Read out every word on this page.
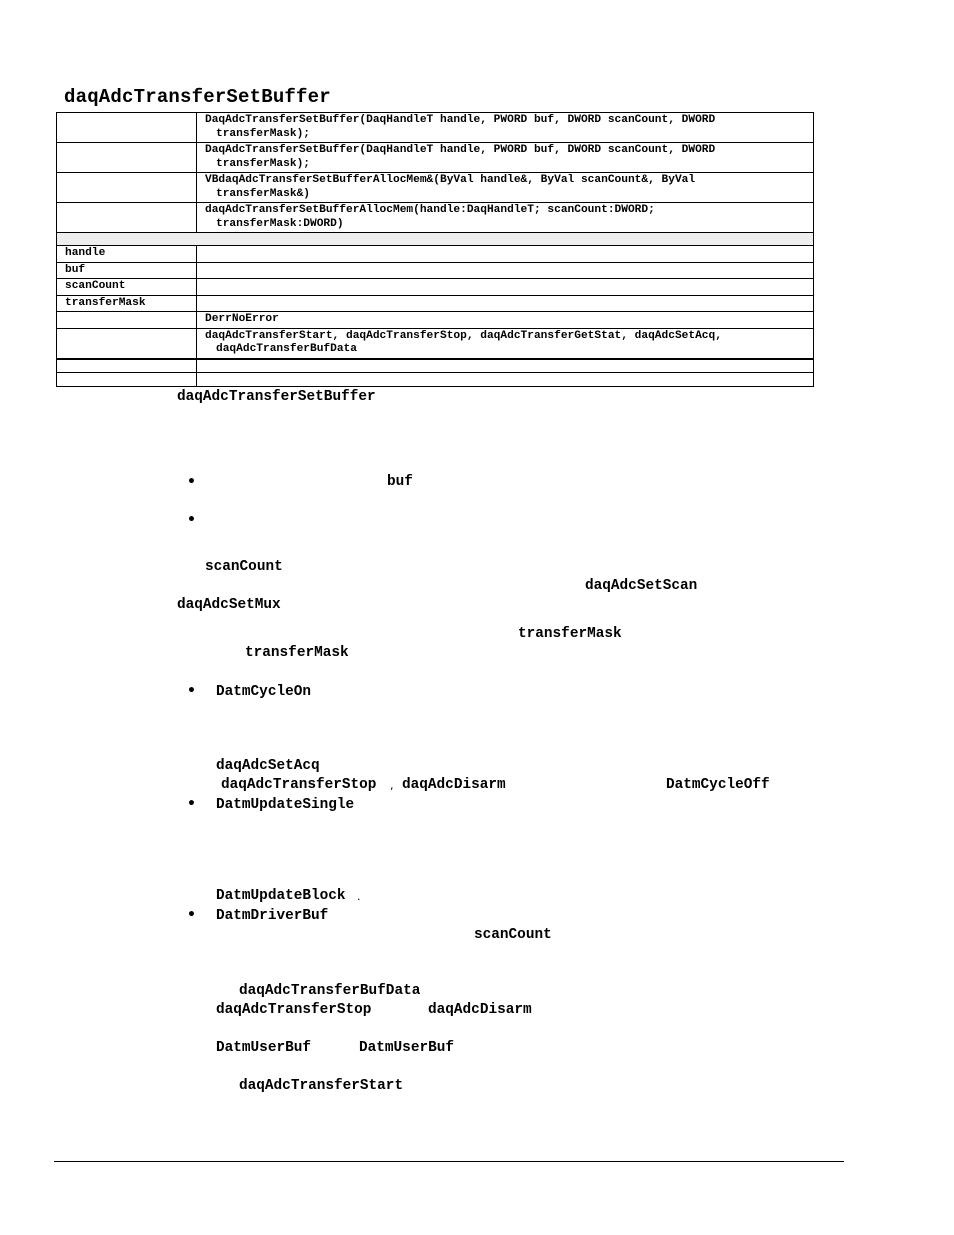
daqAdcTransferSetBuffer

	DaqAdcTransferSetBuffer(DaqHandleT handle, PWORD buf, DWORD scanCount, DWORD
transferMask);

	DaqAdcTransferSetBuffer(DaqHandleT handle, PWORD buf, DWORD scanCount, DWORD
transferMask);

	VBdaqAdcTransferSetBufferAllocMem&(ByVal handle&, ByVal scanCount&, ByVal
transferMask&)

	daqAdcTransferSetBufferAllocMem(handle:DaqHandleT; scanCount:DWORD;
transferMask:DWORD)

handle	
buf	
scanCount	
transferMask	
	DerrNoError

	daqAdcTransferStart, daqAdcTransferStop, daqAdcTransferGetStat, daqAdcSetAcq,
daqAdcTransferBufData

daqAdcTransferSetBuffer
•	buf
•
scanCount
daqAdcSetScan
daqAdcSetMux
transferMask
transferMask
• DatmCycleOn
daqAdcSetAcq
daqAdcTransferStop , daqAdcDisarm	DatmCycleOff
• DatmUpdateSingle
DatmUpdateBlock .
• DatmDriverBuf
scanCount
daqAdcTransferBufData
daqAdcTransferStop	daqAdcDisarm
DatmUserBuf	DatmUserBuf
daqAdcTransferStart
